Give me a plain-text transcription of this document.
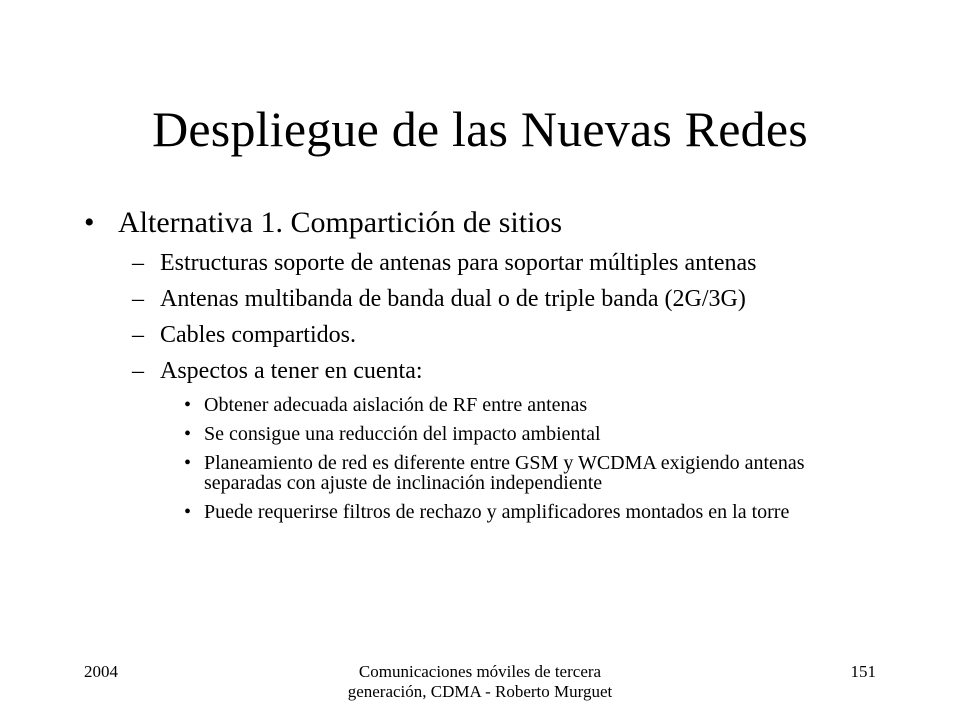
Despliegue de las Nuevas Redes
• Alternativa 1. Compartición de sitios
– Estructuras soporte de antenas para soportar múltiples antenas
– Antenas multibanda de banda dual o de triple banda (2G/3G)
– Cables compartidos.
– Aspectos a tener en cuenta:
• Obtener adecuada aislación de RF entre antenas
• Se consigue una reducción del impacto ambiental
• Planeamiento de red es diferente entre GSM y WCDMA exigiendo antenas separadas con ajuste de inclinación independiente
• Puede requerirse filtros de rechazo y amplificadores montados en la torre
2004	Comunicaciones móviles de tercera generación, CDMA - Roberto Murguet
151
